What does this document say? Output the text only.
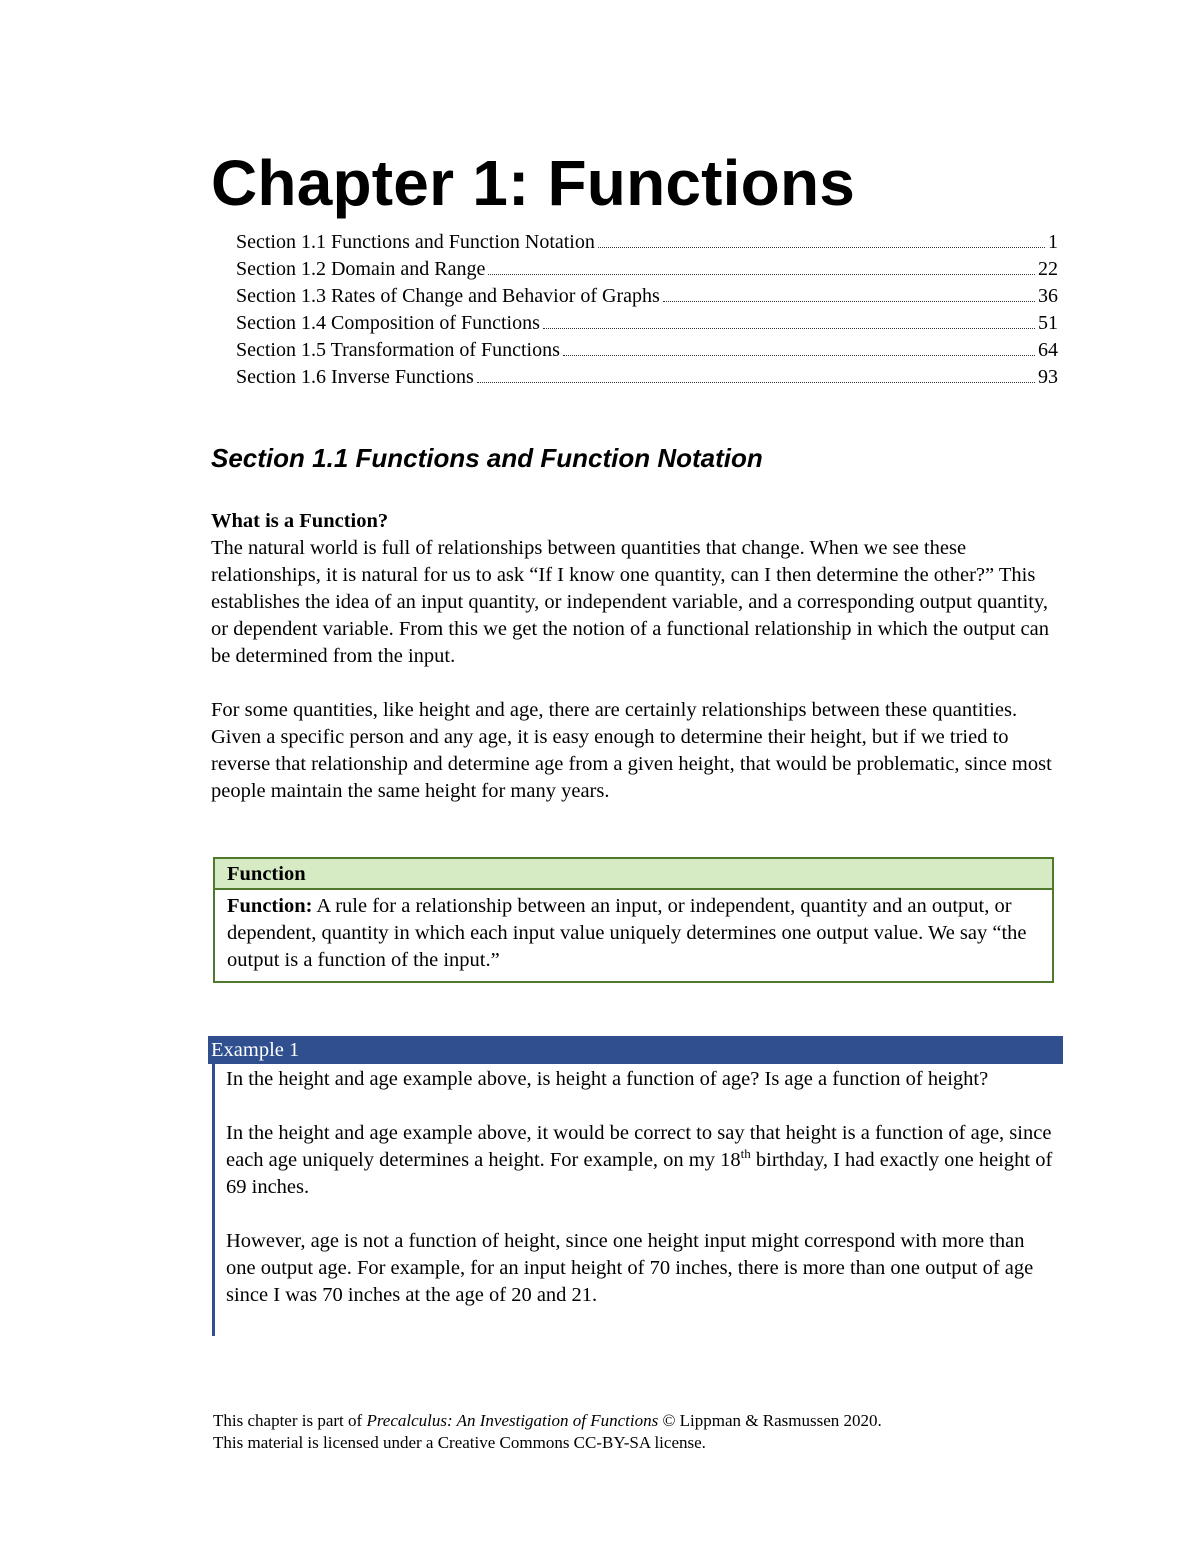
Chapter 1: Functions
Section 1.1 Functions and Function Notation	1
Section 1.2 Domain and Range	22
Section 1.3 Rates of Change and Behavior of Graphs	36
Section 1.4 Composition of Functions	51
Section 1.5 Transformation of Functions	64
Section 1.6 Inverse Functions	93
Section 1.1 Functions and Function Notation
What is a Function?
The natural world is full of relationships between quantities that change. When we see these relationships, it is natural for us to ask “If I know one quantity, can I then determine the other?” This establishes the idea of an input quantity, or independent variable, and a corresponding output quantity, or dependent variable. From this we get the notion of a functional relationship in which the output can be determined from the input.

For some quantities, like height and age, there are certainly relationships between these quantities. Given a specific person and any age, it is easy enough to determine their height, but if we tried to reverse that relationship and determine age from a given height, that would be problematic, since most people maintain the same height for many years.

Function
Function: A rule for a relationship between an input, or independent, quantity and an output, or dependent, quantity in which each input value uniquely determines one output value. We say “the output is a function of the input.”
Example 1

In the height and age example above, is height a function of age? Is age a function of height?

In the height and age example above, it would be correct to say that height is a function of age, since each age uniquely determines a height. For example, on my 18th birthday, I had exactly one height of 69 inches.

However, age is not a function of height, since one height input might correspond with more than one output age. For example, for an input height of 70 inches, there is more than one output of age since I was 70 inches at the age of 20 and 21.

This chapter is part of Precalculus: An Investigation of Functions © Lippman & Rasmussen 2020.
This material is licensed under a Creative Commons CC-BY-SA license.
